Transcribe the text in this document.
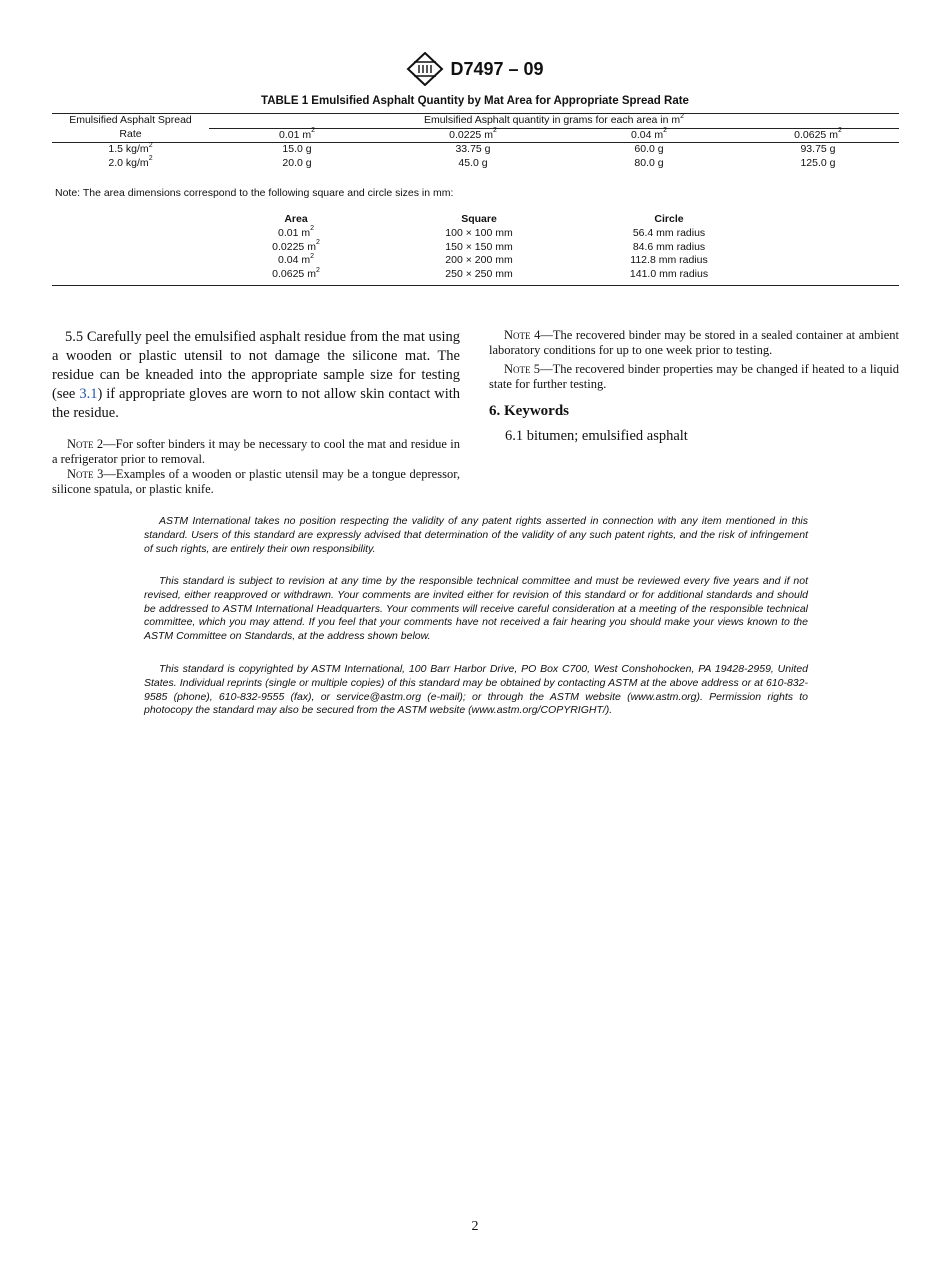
D7497 – 09
TABLE 1 Emulsified Asphalt Quantity by Mat Area for Appropriate Spread Rate
Emulsified Asphalt Spread	Emulsified Asphalt quantity in grams for each area in $m^2$
Rate	0.01 $m^2$	0.0225 $m^2$	0.04 $m^2$	0.0625 $m^2$
1.5 $kg/m^2$	15.0 g	33.75 g	60.0 g	93.75 g
2.0 $kg/m^2$	20.0 g	45.0 g	80.0 g	125.0 g
Note: The area dimensions correspond to the following square and circle sizes in mm:
	Area	Square	Circle	
	0.01 $m^2$	100 × 100 mm	56.4 mm radius	
	0.0225 $m^2$	150 × 150 mm	84.6 mm radius	
	0.04 $m^2$	200 × 200 mm	112.8 mm radius	
	0.0625 $m^2$	250 × 250 mm	141.0 mm radius	

5.5 Carefully peel the emulsified asphalt residue from the mat using a wooden or plastic utensil to not damage the silicone mat. The residue can be kneaded into the appropriate sample size for testing (see 3.1) if appropriate gloves are worn to not allow skin contact with the residue.

Note 2—For softer binders it may be necessary to cool the mat and residue in a refrigerator prior to removal.

Note 3—Examples of a wooden or plastic utensil may be a tongue depressor, silicone spatula, or plastic knife.

Note 4—The recovered binder may be stored in a sealed container at ambient laboratory conditions for up to one week prior to testing.

Note 5—The recovered binder properties may be changed if heated to a liquid state for further testing.

6. Keywords

6.1 bitumen; emulsified asphalt

ASTM International takes no position respecting the validity of any patent rights asserted in connection with any item mentioned in this standard. Users of this standard are expressly advised that determination of the validity of any such patent rights, and the risk of infringement of such rights, are entirely their own responsibility.

This standard is subject to revision at any time by the responsible technical committee and must be reviewed every five years and if not revised, either reapproved or withdrawn. Your comments are invited either for revision of this standard or for additional standards and should be addressed to ASTM International Headquarters. Your comments will receive careful consideration at a meeting of the responsible technical committee, which you may attend. If you feel that your comments have not received a fair hearing you should make your views known to the ASTM Committee on Standards, at the address shown below.

This standard is copyrighted by ASTM International, 100 Barr Harbor Drive, PO Box C700, West Conshohocken, PA 19428-2959, United States. Individual reprints (single or multiple copies) of this standard may be obtained by contacting ASTM at the above address or at 610-832-9585 (phone), 610-832-9555 (fax), or service@astm.org (e-mail); or through the ASTM website (www.astm.org). Permission rights to photocopy the standard may also be secured from the ASTM website (www.astm.org/COPYRIGHT/).

2
